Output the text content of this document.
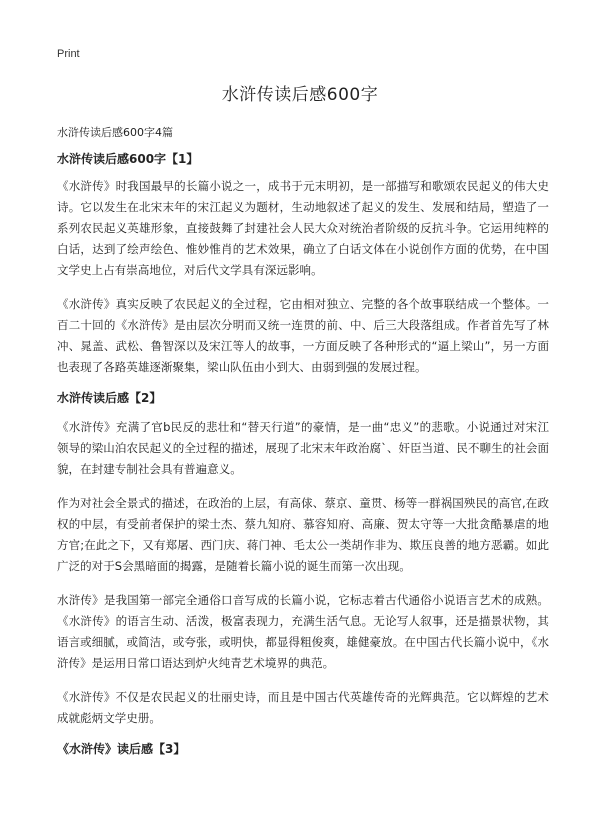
Print
水浒传读后感600字
水浒传读后感600字4篇
水浒传读后感600字【1】

《水浒传》时我国最早的长篇小说之一，成书于元末明初，是一部描写和歌颂农民起义的伟大史诗。它以发生在北宋末年的宋江起义为题材，生动地叙述了起义的发生、发展和结局，塑造了一系列农民起义英雄形象，直接鼓舞了封建社会人民大众对统治者阶级的反抗斗争。它运用纯粹的白话，达到了绘声绘色、惟妙惟肖的艺术效果，确立了白话文体在小说创作方面的优势，在中国文学史上占有崇高地位，对后代文学具有深远影响。

《水浒传》真实反映了农民起义的全过程，它由相对独立、完整的各个故事联结成一个整体。一百二十回的《水浒传》是由层次分明而又统一连贯的前、中、后三大段落组成。作者首先写了林冲、晁盖、武松、鲁智深以及宋江等人的故事，一方面反映了各种形式的“逼上梁山”，另一方面也表现了各路英雄逐渐聚集，梁山队伍由小到大、由弱到强的发展过程。

水浒传读后感【2】

《水浒传》充满了官b民反的悲壮和“替天行道”的豪情，是一曲“忠义”的悲歌。小说通过对宋江领导的梁山泊农民起义的全过程的描述，展现了北宋末年政治腐`、奸臣当道、民不聊生的社会面貌，在封建专制社会具有普遍意义。

作为对社会全景式的描述，在政治的上层，有高俅、蔡京、童贯、杨等一群祸国殃民的高官,在政权的中层，有受前者保护的梁士杰、蔡九知府、慕容知府、高廉、贺太守等一大批贪酷暴虐的地方官;在此之下，又有郑屠、西门庆、蒋门神、毛太公一类胡作非为、欺压良善的地方恶霸。如此广泛的对于S会黑暗面的揭露，是随着长篇小说的诞生而第一次出现。

水浒传》是我国第一部完全通俗口音写成的长篇小说，它标志着古代通俗小说语言艺术的成熟。《水浒传》的语言生动、活泼，极富表现力，充满生活气息。无论写人叙事，还是描景状物，其语言或细腻，或简洁，或夸张，或明快，都显得粗俊爽，雄健豪放。在中国古代长篇小说中，《水浒传》是运用日常口语达到炉火纯青艺术境界的典范。

《水浒传》不仅是农民起义的壮丽史诗，而且是中国古代英雄传奇的光辉典范。它以辉煌的艺术成就彪炳文学史册。

《水浒传》读后感【3】
